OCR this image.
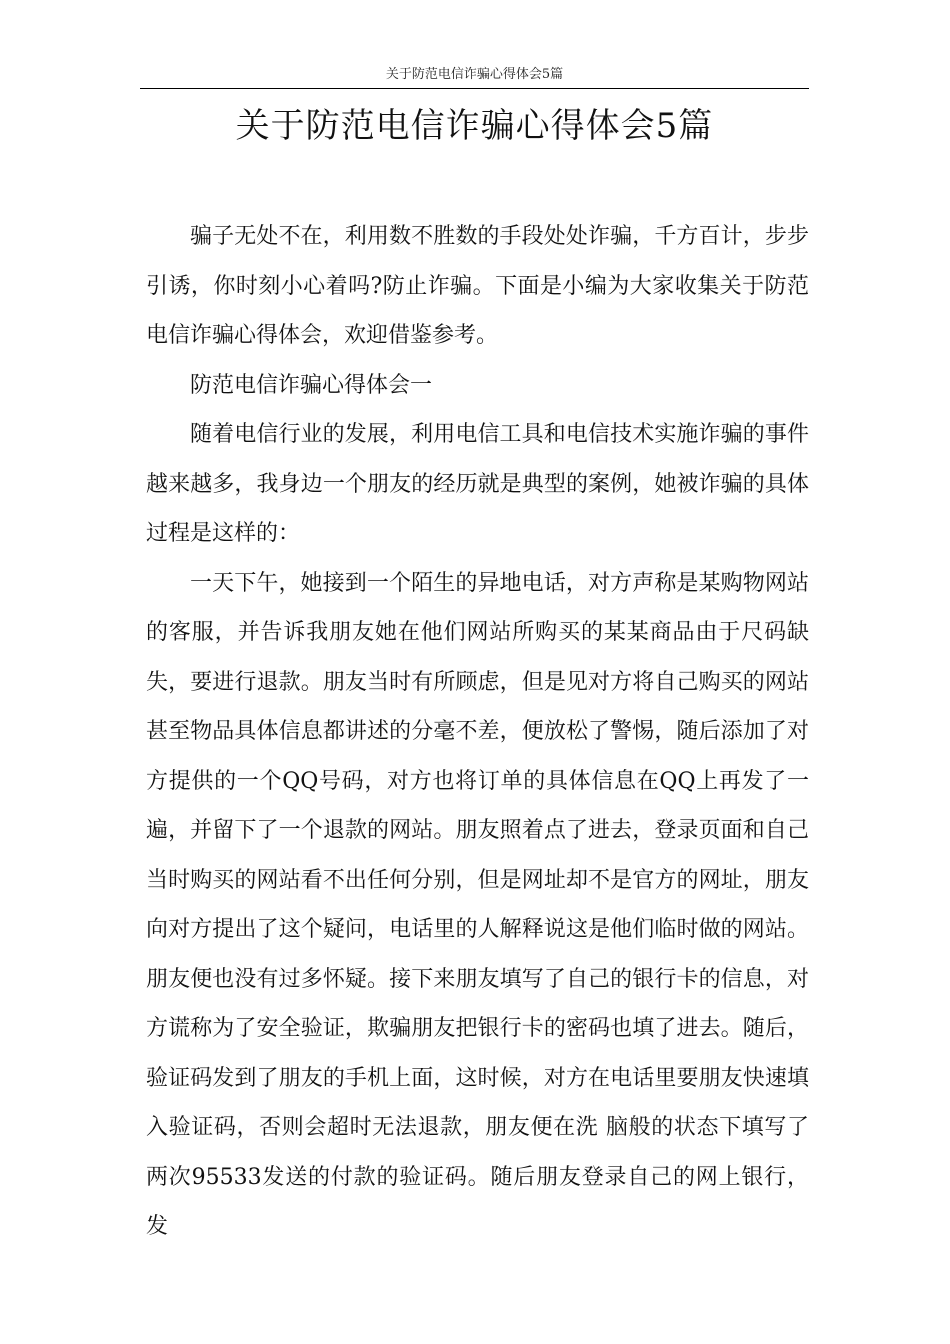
关于防范电信诈骗心得体会5篇
关于防范电信诈骗心得体会5篇

骗子无处不在，利用数不胜数的手段处处诈骗，千方百计，步步引诱，你时刻小心着吗?防止诈骗。下面是小编为大家收集关于防范电信诈骗心得体会，欢迎借鉴参考。

防范电信诈骗心得体会一

随着电信行业的发展，利用电信工具和电信技术实施诈骗的事件越来越多，我身边一个朋友的经历就是典型的案例，她被诈骗的具体过程是这样的：

一天下午，她接到一个陌生的异地电话，对方声称是某购物网站的客服，并告诉我朋友她在他们网站所购买的某某商品由于尺码缺失，要进行退款。朋友当时有所顾虑，但是见对方将自己购买的网站甚至物品具体信息都讲述的分毫不差，便放松了警惕，随后添加了对方提供的一个QQ号码，对方也将订单的具体信息在QQ上再发了一遍，并留下了一个退款的网站。朋友照着点了进去，登录页面和自己当时购买的网站看不出任何分别，但是网址却不是官方的网址，朋友向对方提出了这个疑问，电话里的人解释说这是他们临时做的网站。朋友便也没有过多怀疑。接下来朋友填写了自己的银行卡的信息，对方谎称为了安全验证，欺骗朋友把银行卡的密码也填了进去。随后，验证码发到了朋友的手机上面，这时候，对方在电话里要朋友快速填入验证码，否则会超时无法退款，朋友便在洗 脑般的状态下填写了两次95533发送的付款的验证码。随后朋友登录自己的网上银行，发
